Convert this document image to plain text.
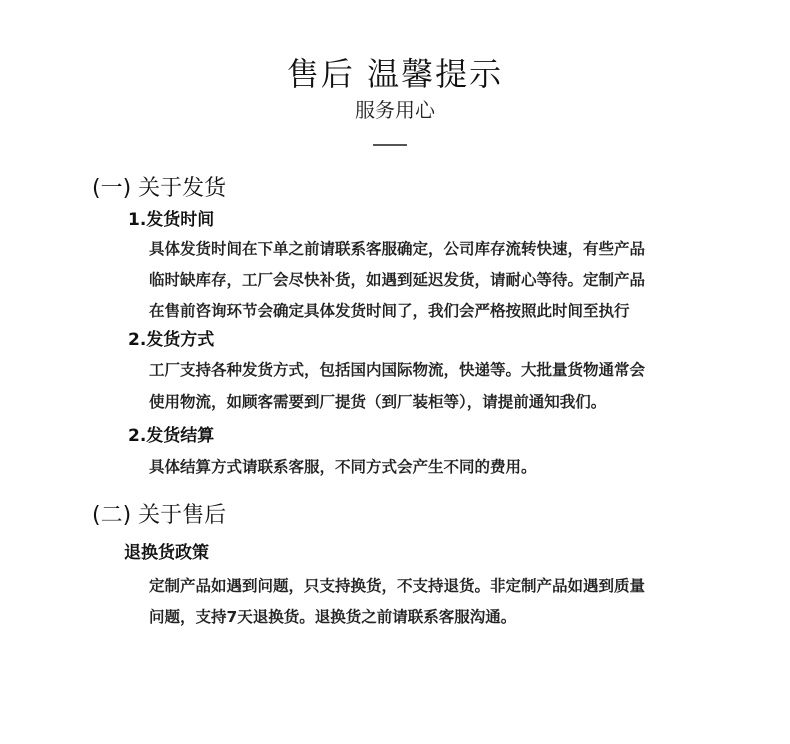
售后 温馨提示
服务用心
(一) 关于发货
1.发货时间

具体发货时间在下单之前请联系客服确定，公司库存流转快速，有些产品

临时缺库存，工厂会尽快补货，如遇到延迟发货，请耐心等待。定制产品

在售前咨询环节会确定具体发货时间了，我们会严格按照此时间至执行

2.发货方式

工厂支持各种发货方式，包括国内国际物流，快递等。大批量货物通常会

使用物流，如顾客需要到厂提货（到厂装柜等），请提前通知我们。

2.发货结算

具体结算方式请联系客服，不同方式会产生不同的费用。

(二) 关于售后
退换货政策

定制产品如遇到问题，只支持换货，不支持退货。非定制产品如遇到质量

问题，支持7天退换货。退换货之前请联系客服沟通。
